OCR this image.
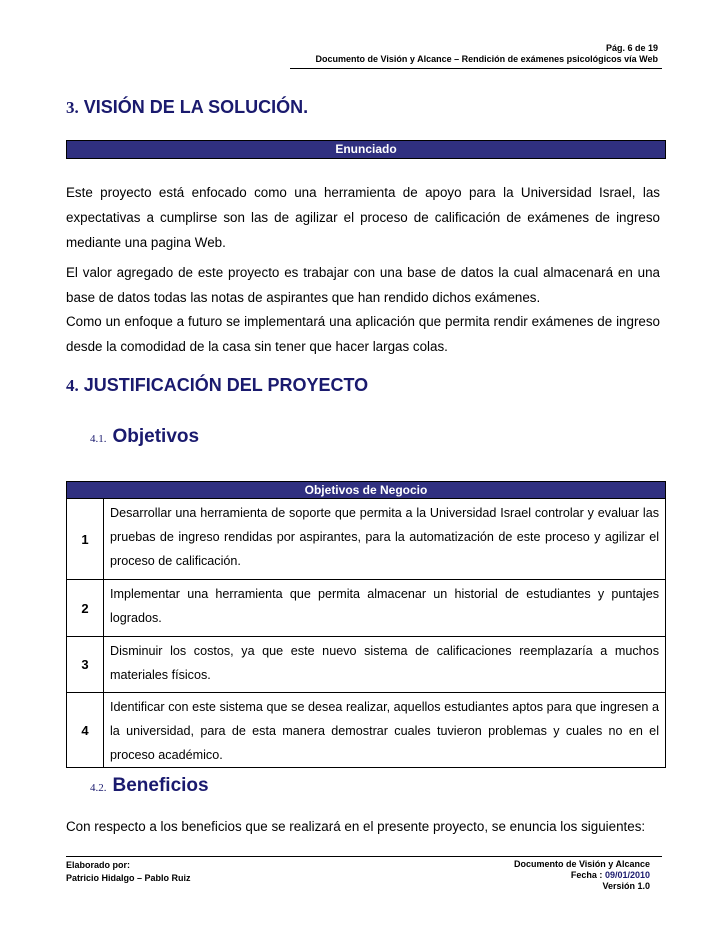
Pág. 6 de 19
Documento de Visión y Alcance – Rendición de exámenes psicológicos vía Web
3. VISIÓN DE LA SOLUCIÓN.
Enunciado

Este proyecto está enfocado como una herramienta de apoyo para la Universidad Israel, las expectativas a cumplirse son las de agilizar el proceso de calificación de exámenes de ingreso mediante una pagina Web.

El valor agregado de este proyecto es trabajar con una base de datos la cual almacenará en una base de datos todas las notas de aspirantes que han rendido dichos exámenes.

Como un enfoque a futuro se implementará una aplicación que permita rendir exámenes de ingreso desde la comodidad de la casa sin tener que hacer largas colas.

4. JUSTIFICACIÓN DEL PROYECTO
4.1. Objetivos
Objetivos de Negocio
1	Desarrollar una herramienta de soporte que permita a la Universidad Israel controlar y evaluar las pruebas de ingreso rendidas por aspirantes, para la automatización de este proceso y agilizar el proceso de calificación.
2	Implementar una herramienta que permita almacenar un historial de estudiantes y puntajes logrados.
3	Disminuir los costos, ya que este nuevo sistema de calificaciones reemplazaría a muchos materiales físicos.
4	Identificar con este sistema que se desea realizar, aquellos estudiantes aptos para que ingresen a la universidad, para de esta manera demostrar cuales tuvieron problemas y cuales no en el proceso académico.
4.2. Beneficios

Con respecto a los beneficios que se realizará en el presente proyecto, se enuncia los siguientes:

Elaborado por:
Patricio Hidalgo – Pablo Ruiz
Documento de Visión y Alcance
Fecha : 09/01/2010
Versión 1.0
